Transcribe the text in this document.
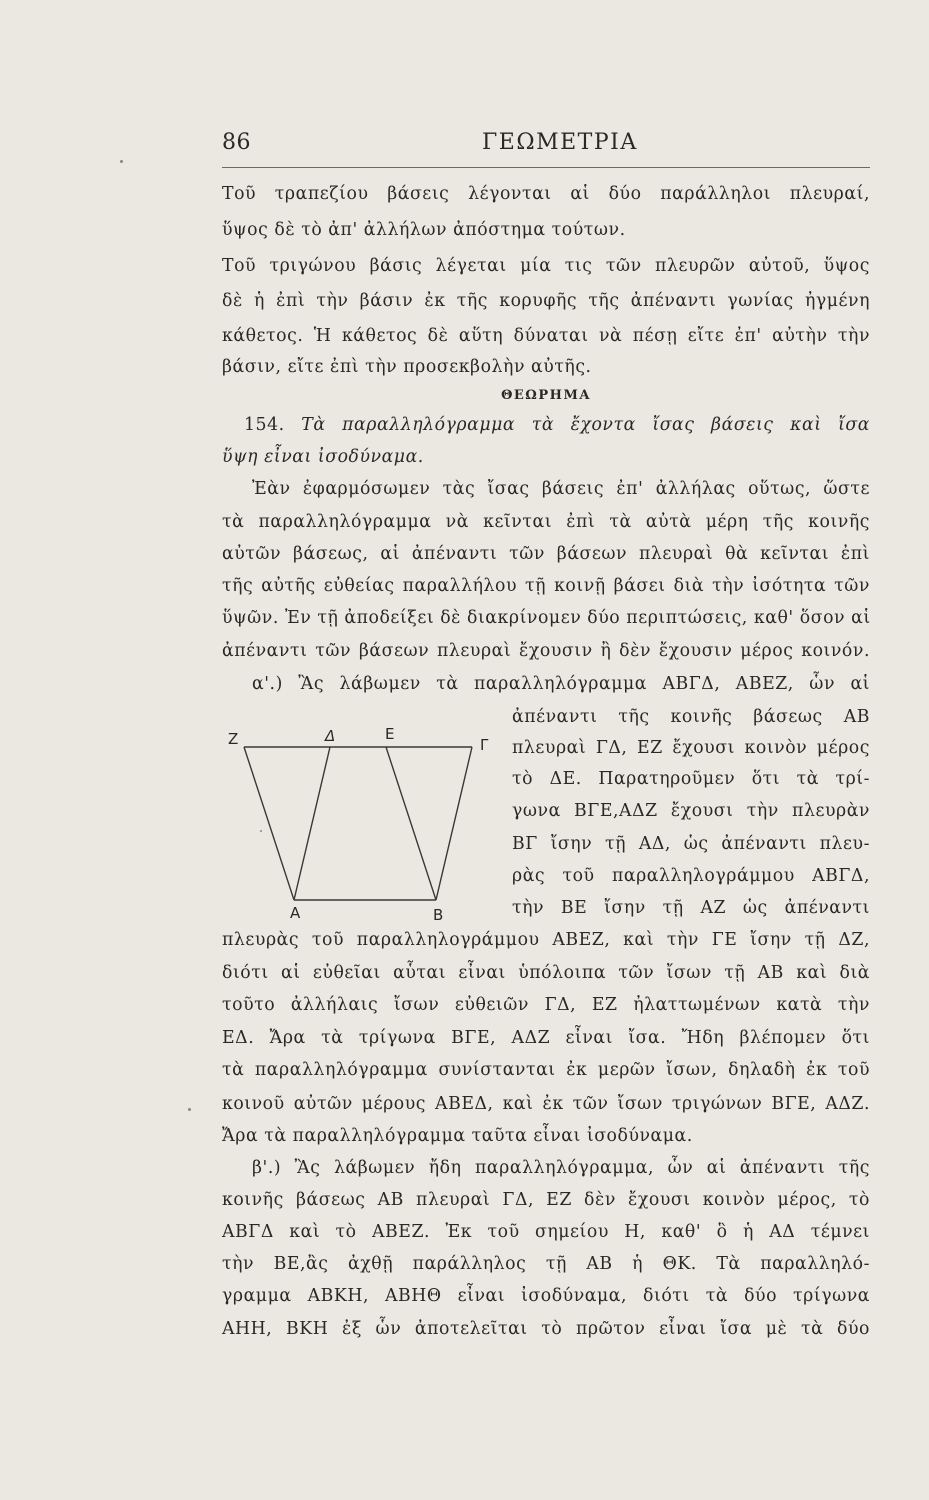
86	ΓΕΩΜΕΤΡΙΑ
Τοῦ τραπεζίου βάσεις λέγονται αἱ δύο παράλληλοι πλευραί,
ὕψος δὲ τὸ ἀπ' ἀλλήλων ἀπόστημα τούτων.
Τοῦ τριγώνου βάσις λέγεται μία τις τῶν πλευρῶν αὐτοῦ, ὕψος
δὲ ἡ ἐπὶ τὴν βάσιν ἐκ τῆς κορυφῆς τῆς ἀπέναντι γωνίας ἠγμένη
κάθετος. Ἡ κάθετος δὲ αὕτη δύναται νὰ πέσῃ εἴτε ἐπ' αὐτὴν τὴν
βάσιν, εἴτε ἐπὶ τὴν προσεκβολὴν αὐτῆς.
ΘΕΩΡΗΜΑ
154. Τὰ παραλληλόγραμμα τὰ ἔχοντα ἴσας βάσεις καὶ ἴσα
ὕψη εἶναι ἰσοδύναμα.
Ἐὰν ἐφαρμόσωμεν τὰς ἴσας βάσεις ἐπ' ἀλλήλας οὕτως, ὥστε
τὰ παραλληλόγραμμα νὰ κεῖνται ἐπὶ τὰ αὐτὰ μέρη τῆς κοινῆς
αὐτῶν βάσεως, αἱ ἀπέναντι τῶν βάσεων πλευραὶ θὰ κεῖνται ἐπὶ
τῆς αὐτῆς εὐθείας παραλλήλου τῇ κοινῇ βάσει διὰ τὴν ἰσότητα τῶν
ὕψῶν. Ἐν τῇ ἀποδείξει δὲ διακρίνομεν δύο περιπτώσεις, καθ' ὅσον αἱ
ἀπέναντι τῶν βάσεων πλευραὶ ἔχουσιν ἢ δὲν ἔχουσιν μέρος κοινόν.
α'.) Ἂς λάβωμεν τὰ παραλληλόγραμμα ΑΒΓΔ, ΑΒΕΖ, ὧν αἱ
ἀπέναντι τῆς κοινῆς βάσεως ΑΒ
πλευραὶ ΓΔ, ΕΖ ἔχουσι κοινὸν μέρος
τὸ ΔΕ. Παρατηροῦμεν ὅτι τὰ τρί-
γωνα ΒΓΕ,ΑΔΖ ἔχουσι τὴν πλευρὰν
ΒΓ ἴσην τῇ ΑΔ, ὡς ἀπέναντι πλευ-
ρὰς τοῦ παραλληλογράμμου ΑΒΓΔ,
τὴν ΒΕ ἴσην τῇ ΑΖ ὡς ἀπέναντι
Z	Δ	E
Γ
A	B
πλευρὰς τοῦ παραλληλογράμμου ΑΒΕΖ, καὶ τὴν ΓΕ ἴσην τῇ ΔΖ,
διότι αἱ εὐθεῖαι αὗται εἶναι ὑπόλοιπα τῶν ἴσων τῇ ΑΒ καὶ διὰ
τοῦτο ἀλλήλαις ἴσων εὐθειῶν ΓΔ, ΕΖ ἠλαττωμένων κατὰ τὴν
ΕΔ. Ἄρα τὰ τρίγωνα ΒΓΕ, ΑΔΖ εἶναι ἴσα. Ἤδη βλέπομεν ὅτι
τὰ παραλληλόγραμμα συνίστανται ἐκ μερῶν ἴσων, δηλαδὴ ἐκ τοῦ
κοινοῦ αὐτῶν μέρους ΑΒΕΔ, καὶ ἐκ τῶν ἴσων τριγώνων ΒΓΕ, ΑΔΖ.
Ἄρα τὰ παραλληλόγραμμα ταῦτα εἶναι ἰσοδύναμα.
β'.) Ἂς λάβωμεν ἤδη παραλληλόγραμμα, ὧν αἱ ἀπέναντι τῆς
κοινῆς βάσεως ΑΒ πλευραὶ ΓΔ, ΕΖ δὲν ἔχουσι κοινὸν μέρος, τὸ
ΑΒΓΔ καὶ τὸ ΑΒΕΖ. Ἐκ τοῦ σημείου Η, καθ' ὃ ἡ ΑΔ τέμνει
τὴν ΒΕ,ἂς ἀχθῇ παράλληλος τῇ ΑΒ ἡ ΘΚ. Τὰ παραλληλό-
γραμμα ΑΒΚΗ, ΑΒΗΘ εἶναι ἰσοδύναμα, διότι τὰ δύο τρίγωνα
ΑΗΗ, ΒΚΗ ἐξ ὧν ἀποτελεῖται τὸ πρῶτον εἶναι ἴσα μὲ τὰ δύο
